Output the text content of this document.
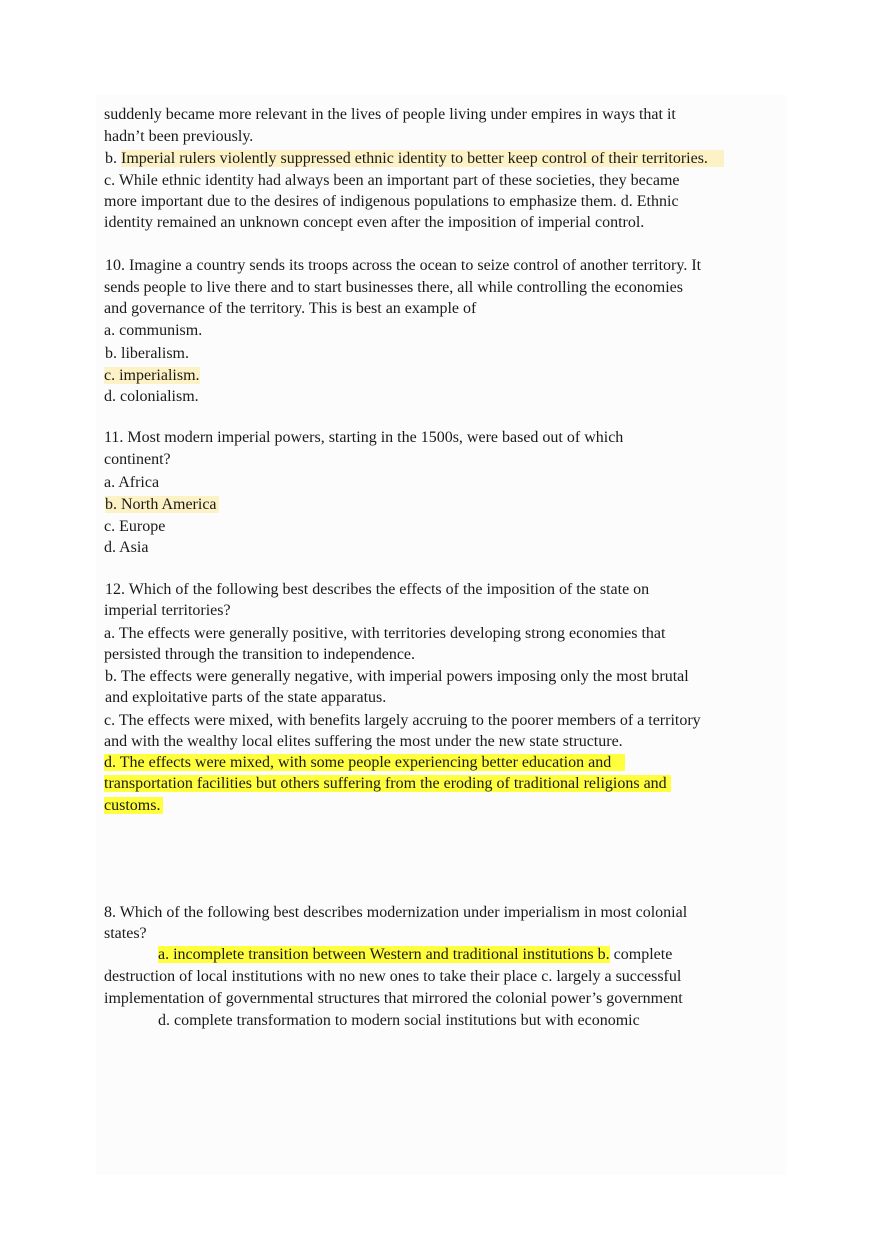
suddenly became more relevant in the lives of people living under empires in ways that it
hadn’t been previously.
b. Imperial rulers violently suppressed ethnic identity to better keep control of their territories.
c. While ethnic identity had always been an important part of these societies, they became
more important due to the desires of indigenous populations to emphasize them. d. Ethnic
identity remained an unknown concept even after the imposition of imperial control.
10. Imagine a country sends its troops across the ocean to seize control of another territory. It
sends people to live there and to start businesses there, all while controlling the economies
and governance of the territory. This is best an example of
a. communism.
b. liberalism.
c. imperialism.
d. colonialism.
11. Most modern imperial powers, starting in the 1500s, were based out of which
continent?
a. Africa
b. North America
c. Europe
d. Asia
12. Which of the following best describes the effects of the imposition of the state on
imperial territories?
a. The effects were generally positive, with territories developing strong economies that
persisted through the transition to independence.
b. The effects were generally negative, with imperial powers imposing only the most brutal
and exploitative parts of the state apparatus.
c. The effects were mixed, with benefits largely accruing to the poorer members of a territory
and with the wealthy local elites suffering the most under the new state structure.
d. The effects were mixed, with some people experiencing better education and
transportation facilities but others suffering from the eroding of traditional religions and
customs.
8. Which of the following best describes modernization under imperialism in most colonial
states?
a. incomplete transition between Western and traditional institutions b. complete
destruction of local institutions with no new ones to take their place c. largely a successful
implementation of governmental structures that mirrored the colonial power’s government
d. complete transformation to modern social institutions but with economic
